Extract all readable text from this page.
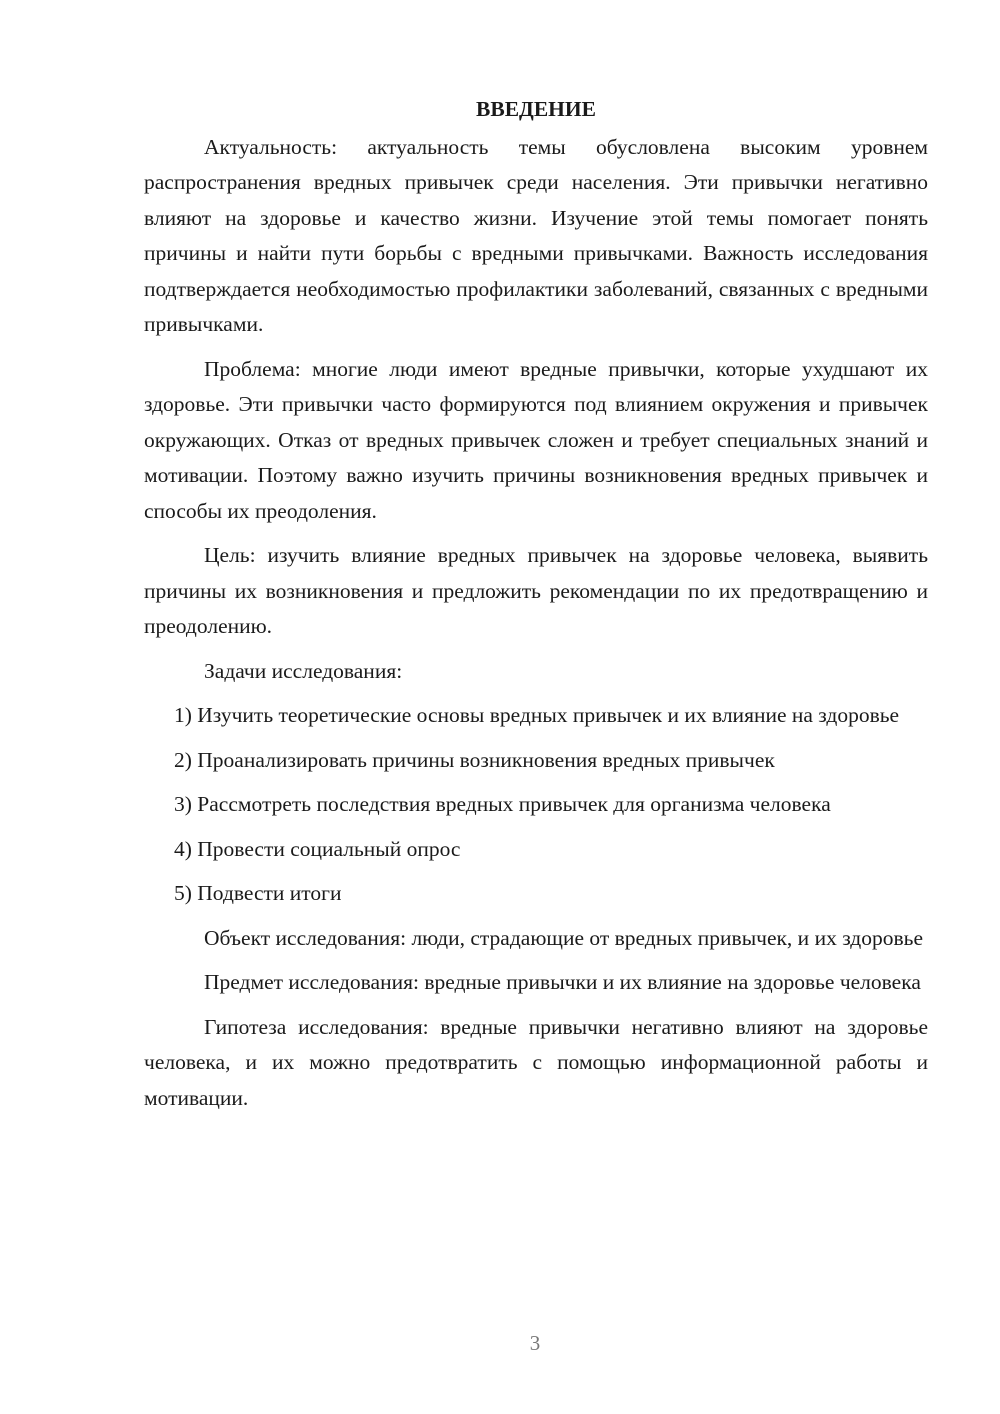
ВВЕДЕНИЕ

Актуальность: актуальность темы обусловлена высоким уровнем распространения вредных привычек среди населения. Эти привычки негативно влияют на здоровье и качество жизни. Изучение этой темы помогает понять причины и найти пути борьбы с вредными привычками. Важность исследования подтверждается необходимостью профилактики заболеваний, связанных с вредными привычками.

Проблема: многие люди имеют вредные привычки, которые ухудшают их здоровье. Эти привычки часто формируются под влиянием окружения и привычек окружающих. Отказ от вредных привычек сложен и требует специальных знаний и мотивации. Поэтому важно изучить причины возникновения вредных привычек и способы их преодоления.

Цель: изучить влияние вредных привычек на здоровье человека, выявить причины их возникновения и предложить рекомендации по их предотвращению и преодолению.

Задачи исследования:

1) Изучить теоретические основы вредных привычек и их влияние на здоровье

2) Проанализировать причины возникновения вредных привычек

3) Рассмотреть последствия вредных привычек для организма человека

4) Провести социальный опрос

5) Подвести итоги

Объект исследования: люди, страдающие от вредных привычек, и их здоровье

Предмет исследования: вредные привычки и их влияние на здоровье человека

Гипотеза исследования: вредные привычки негативно влияют на здоровье человека, и их можно предотвратить с помощью информационной работы и мотивации.

3
